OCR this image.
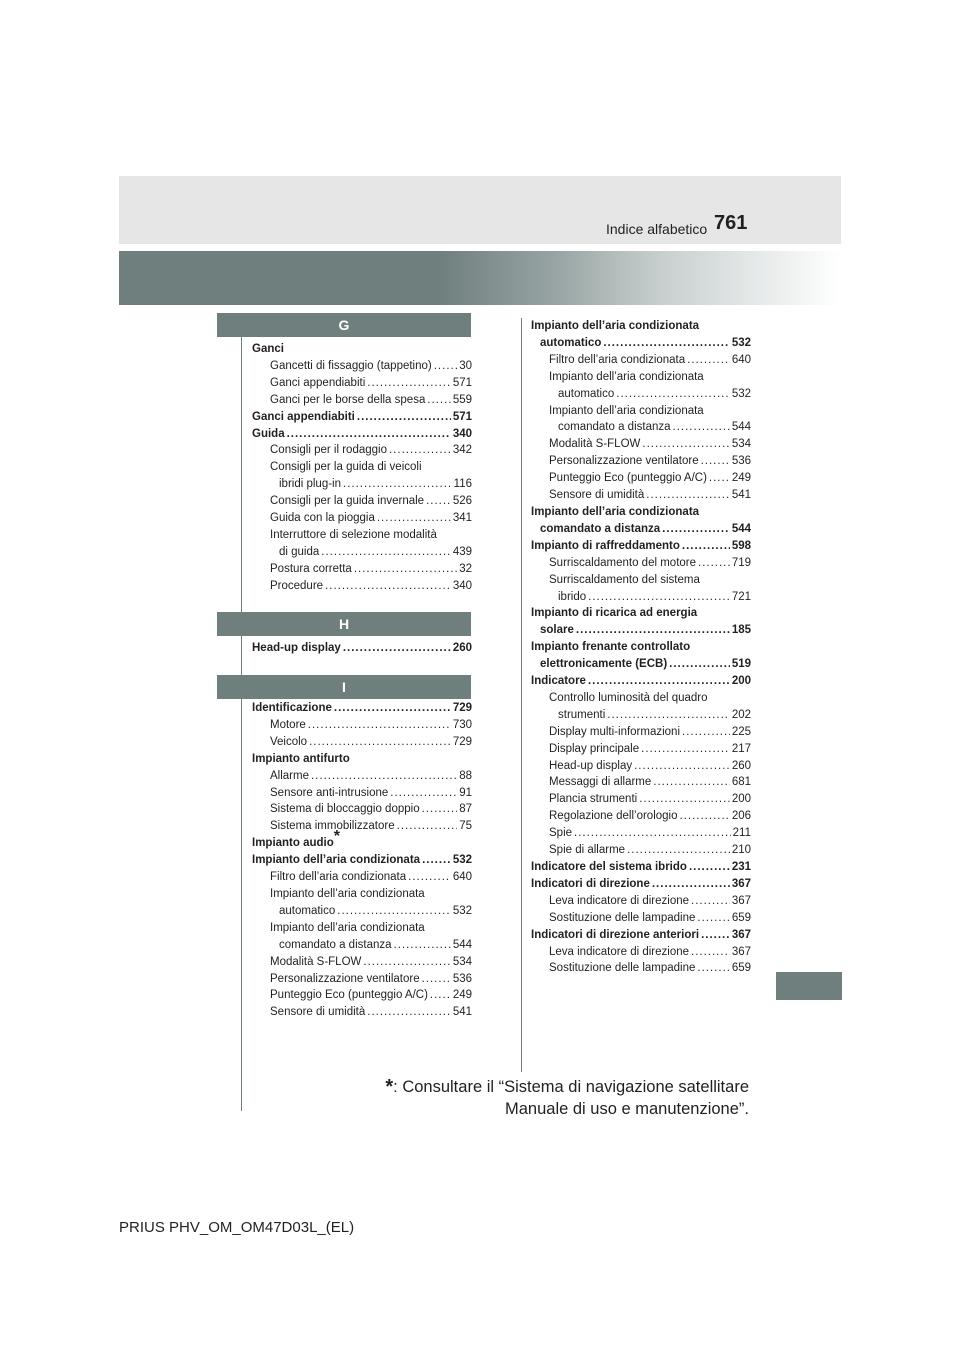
761
Indice alfabetico
G
Ganci
Gancetti di fissaggio (tappetino) ..... 30
Ganci appendiabiti .....	571
Ganci per le borse della spesa ..... 559
Ganci appendiabiti .....	571
Guida .....	340
Consigli per il rodaggio .....	342
Consigli per la guida di veicoli
ibridi plug-in .....	116
Consigli per la guida invernale ..... 526
Guida con la pioggia .....	341
Interruttore di selezione modalità
di guida .....	439
Postura corretta .....	32
Procedure .....	340
H
Head-up display .....	260
I
Identificazione .....	729
Motore .....	730
Veicolo .....	729
Impianto antifurto
Allarme .....	88
Sensore anti-intrusione .....	91
Sistema di bloccaggio doppio .....	87
Sistema immobilizzatore .....	75
Impianto audio*
Impianto dell’aria condizionata .....	532
Filtro dell’aria condizionata .....	640
Impianto dell’aria condizionata
automatico .....	532
Impianto dell’aria condizionata
comandato a distanza .....	544
Modalità S-FLOW .....	534
Personalizzazione ventilatore .....	536
Punteggio Eco (punteggio A/C) ..... 249
Sensore di umidità .....	541
Impianto dell’aria condizionata
automatico .....	532
Filtro dell’aria condizionata .....	640
Impianto dell’aria condizionata
automatico .....	532
Impianto dell’aria condizionata
comandato a distanza .....	544
Modalità S-FLOW .....	534
Personalizzazione ventilatore .....	536
Punteggio Eco (punteggio A/C) ..... 249
Sensore di umidità .....	541
Impianto dell’aria condizionata
comandato a distanza .....	544
Impianto di raffreddamento .....	598
Surriscaldamento del motore .....	719
Surriscaldamento del sistema
ibrido .....	721
Impianto di ricarica ad energia
solare .....	185
Impianto frenante controllato
elettronicamente (ECB) .....	519
Indicatore .....	200
Controllo luminosità del quadro
strumenti .....	202
Display multi-informazioni .....	225
Display principale .....	217
Head-up display .....	260
Messaggi di allarme .....	681
Plancia strumenti .....	200
Regolazione dell’orologio .....	206
Spie .....	211
Spie di allarme .....	210
Indicatore del sistema ibrido .....	231
Indicatori di direzione .....	367
Leva indicatore di direzione .....	367
Sostituzione delle lampadine .....	659
Indicatori di direzione anteriori .....	367
Leva indicatore di direzione .....	367
Sostituzione delle lampadine .....	659
*: Consultare il “Sistema di navigazione satellitare
Manuale di uso e manutenzione”.
PRIUS PHV_OM_OM47D03L_(EL)
